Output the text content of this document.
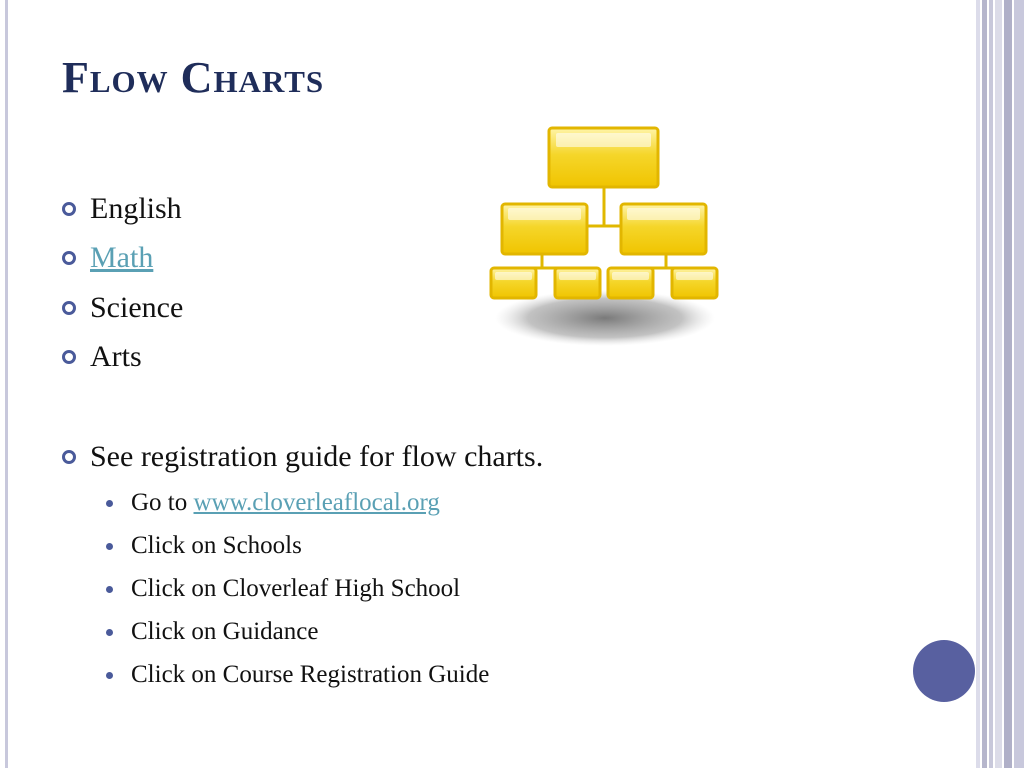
Flow Charts
English
Math
Science
Arts
See registration guide for flow charts.
Go to www.cloverleaflocal.org
Click on Schools
Click on Cloverleaf High School
Click on Guidance
Click on Course Registration Guide
